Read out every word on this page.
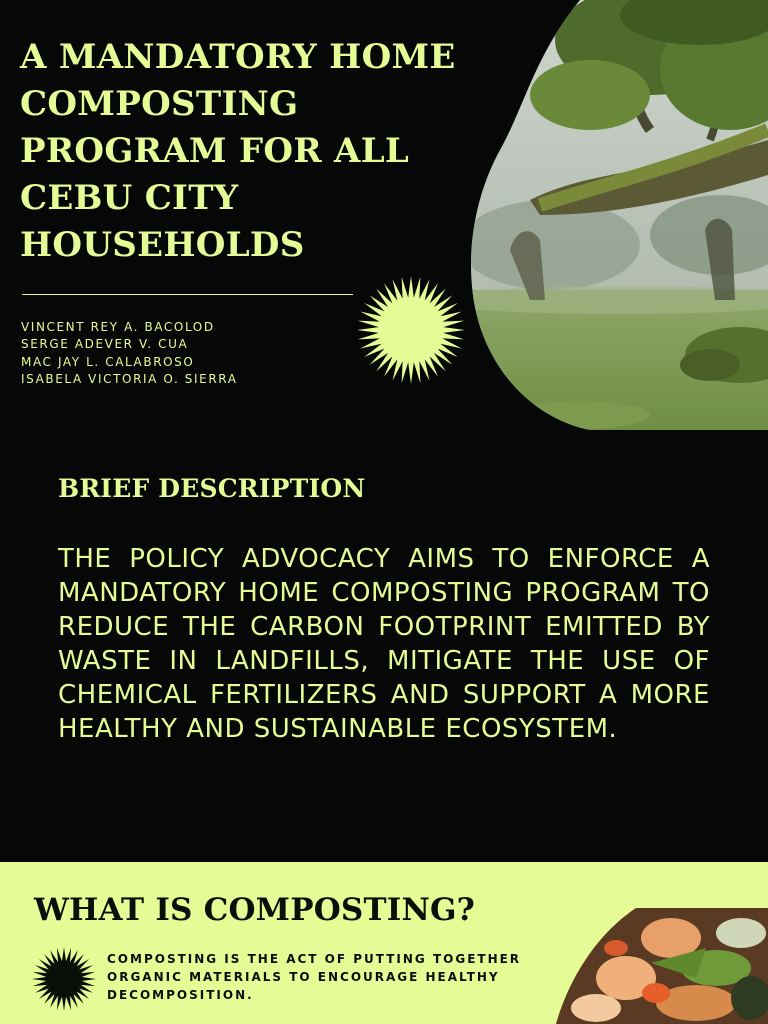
A MANDATORY HOME
COMPOSTING
PROGRAM FOR ALL
CEBU CITY
HOUSEHOLDS
VINCENT REY A. BACOLOD
SERGE ADEVER V. CUA
MAC JAY L. CALABROSO
ISABELA VICTORIA O. SIERRA
BRIEF DESCRIPTION

THE POLICY ADVOCACY AIMS TO ENFORCE A MANDATORY HOME COMPOSTING PROGRAM TO REDUCE THE CARBON FOOTPRINT EMITTED BY WASTE IN LANDFILLS, MITIGATE THE USE OF CHEMICAL FERTILIZERS AND SUPPORT A MORE HEALTHY AND SUSTAINABLE ECOSYSTEM.

WHAT IS COMPOSTING?

COMPOSTING IS THE ACT OF PUTTING TOGETHER ORGANIC MATERIALS TO ENCOURAGE HEALTHY DECOMPOSITION.
